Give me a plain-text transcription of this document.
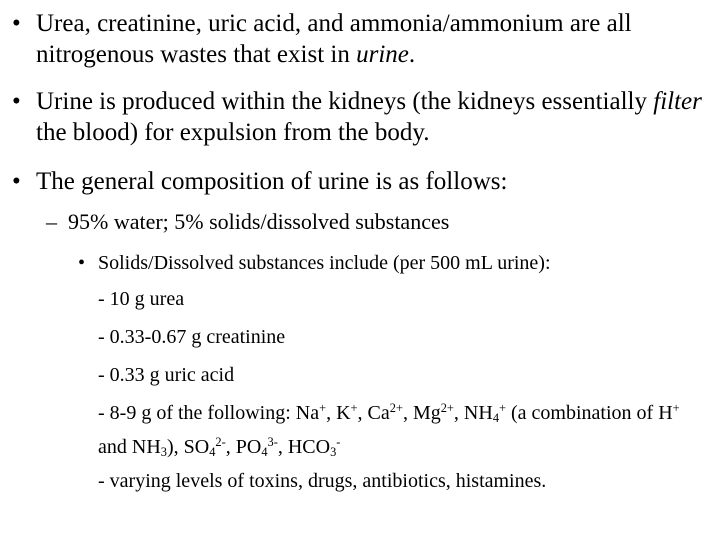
• Urea, creatinine, uric acid, and ammonia/ammonium are all nitrogenous wastes that exist in urine.
• Urine is produced within the kidneys (the kidneys essentially filter the blood) for expulsion from the body.
• The general composition of urine is as follows:
– 95% water; 5% solids/dissolved substances
• Solids/Dissolved substances include (per 500 mL urine):
- 10 g urea
- 0.33-0.67 g creatinine
- 0.33 g uric acid
- 8-9 g of the following: Na+, K+, $Ca^{2+}$, $Mg^{2+}$, $NH_4^+$ (a combination of H+ and $NH_3$), $SO_4^{2-}$, $PO_4^{3-}$, $HCO_3^-$
- varying levels of toxins, drugs, antibiotics, histamines.
